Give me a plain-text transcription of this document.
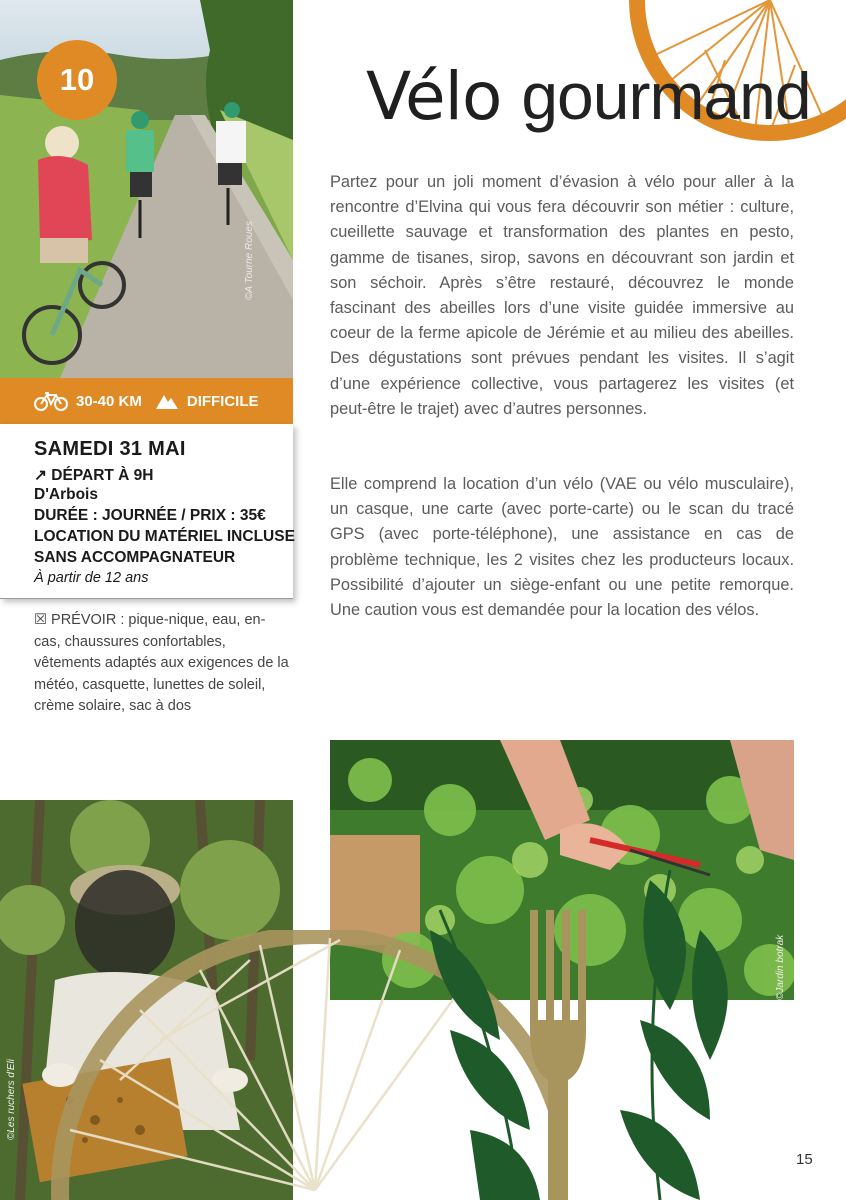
10
©A Tourne Roues
30-40 KM	DIFFICILE
SAMEDI 31 MAI
↗ DÉPART À 9H
D'Arbois
DURÉE : JOURNÉE / PRIX : 35€
LOCATION DU MATÉRIEL INCLUSE
SANS ACCOMPAGNATEUR
À partir de 12 ans
☒ PRÉVOIR : pique-nique, eau, en-cas, chaussures confortables, vêtements adaptés aux exigences de la météo, casquette, lunettes de soleil, crème solaire, sac à dos
Vélo gourmand
Partez pour un joli moment d’évasion à vélo pour aller à la rencontre d’Elvina qui vous fera découvrir son métier : culture, cueillette sauvage et transformation des plantes en pesto, gamme de tisanes, sirop, savons en découvrant son jardin et son séchoir. Après s’être restauré, découvrez le monde fascinant des abeilles lors d’une visite guidée immersive au coeur de la ferme apicole de Jérémie et au milieu des abeilles. Des dégustations sont prévues pendant les visites. Il s’agit d’une expérience collective, vous partagerez les visites (et peut-être le trajet) avec d’autres personnes.
Elle comprend la location d’un vélo (VAE ou vélo musculaire), un casque, une carte (avec porte-carte) ou le scan du tracé GPS (avec porte-téléphone), une assistance en cas de problème technique, les 2 visites chez les producteurs locaux. Possibilité d’ajouter un siège-enfant ou une petite remorque. Une caution vous est demandée pour la location des vélos.
©Jardin botrak
©Les ruchers d'Eli
15
